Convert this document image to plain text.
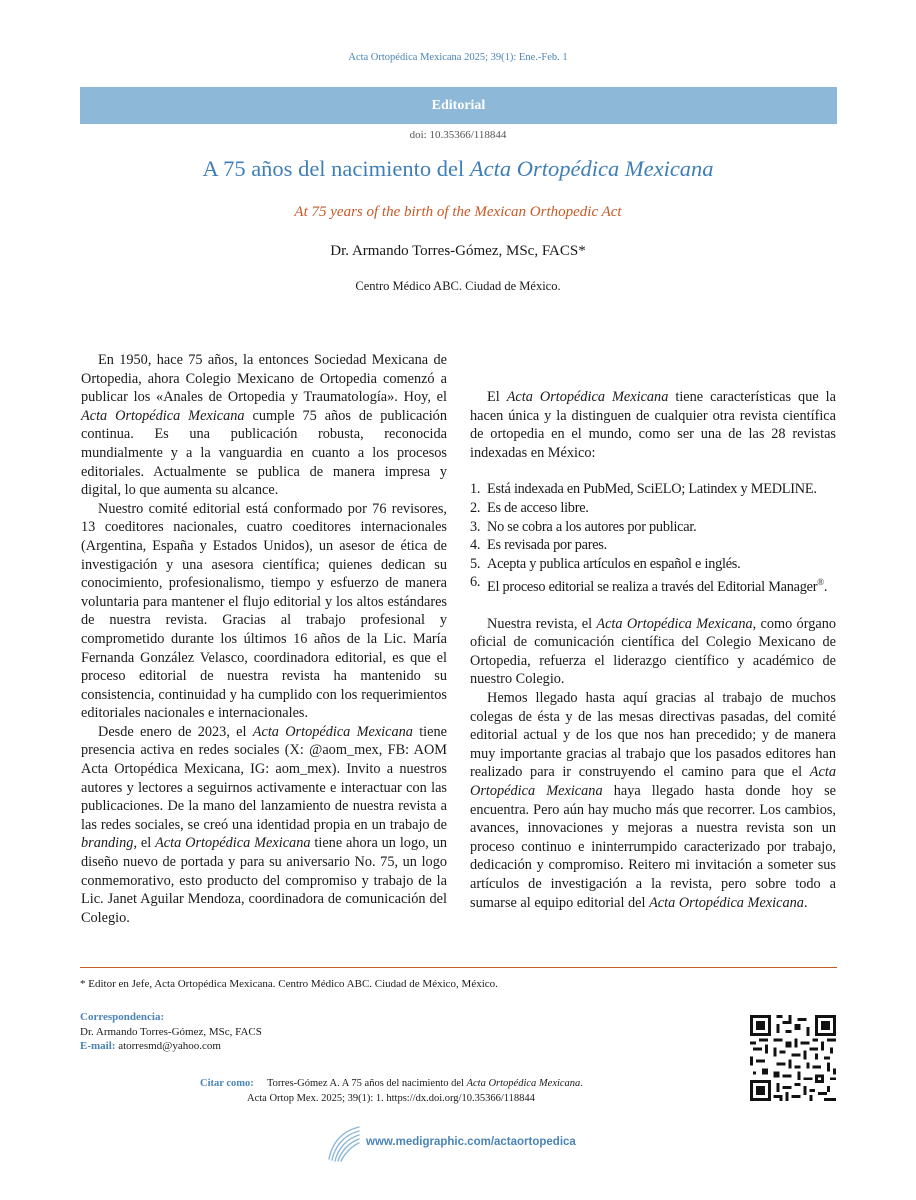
Acta Ortopédica Mexicana 2025; 39(1): Ene.-Feb. 1
Editorial
doi: 10.35366/118844
A 75 años del nacimiento del Acta Ortopédica Mexicana
At 75 years of the birth of the Mexican Orthopedic Act
Dr. Armando Torres-Gómez, MSc, FACS*
Centro Médico ABC. Ciudad de México.

En 1950, hace 75 años, la entonces Sociedad Mexicana de Ortopedia, ahora Colegio Mexicano de Ortopedia comenzó a publicar los «Anales de Ortopedia y Traumatología». Hoy, el Acta Ortopédica Mexicana cumple 75 años de publicación continua. Es una publicación robusta, reconocida mundialmente y a la vanguardia en cuanto a los procesos editoriales. Actualmente se publica de manera impresa y digital, lo que aumenta su alcance.

Nuestro comité editorial está conformado por 76 revisores, 13 coeditores nacionales, cuatro coeditores internacionales (Argentina, España y Estados Unidos), un asesor de ética de investigación y una asesora científica; quienes dedican su conocimiento, profesionalismo, tiempo y esfuerzo de manera voluntaria para mantener el flujo editorial y los altos estándares de nuestra revista. Gracias al trabajo profesional y comprometido durante los últimos 16 años de la Lic. María Fernanda González Velasco, coordinadora editorial, es que el proceso editorial de nuestra revista ha mantenido su consistencia, continuidad y ha cumplido con los requerimientos editoriales nacionales e internacionales.

Desde enero de 2023, el Acta Ortopédica Mexicana tiene presencia activa en redes sociales (X: @aom_mex, FB: AOM Acta Ortopédica Mexicana, IG: aom_mex). Invito a nuestros autores y lectores a seguirnos activamente e interactuar con las publicaciones. De la mano del lanzamiento de nuestra revista a las redes sociales, se creó una identidad propia en un trabajo de branding, el Acta Ortopédica Mexicana tiene ahora un logo, un diseño nuevo de portada y para su aniversario No. 75, un logo conmemorativo, esto producto del compromiso y trabajo de la Lic. Janet Aguilar Mendoza, coordinadora de comunicación del Colegio.

El Acta Ortopédica Mexicana tiene características que la hacen única y la distinguen de cualquier otra revista científica de ortopedia en el mundo, como ser una de las 28 revistas indexadas en México:

1. Está indexada en PubMed, SciELO; Latindex y MEDLINE.
2. Es de acceso libre.
3. No se cobra a los autores por publicar.
4. Es revisada por pares.
5. Acepta y publica artículos en español e inglés.
6. El proceso editorial se realiza a través del Editorial Manager®.

Nuestra revista, el Acta Ortopédica Mexicana, como órgano oficial de comunicación científica del Colegio Mexicano de Ortopedia, refuerza el liderazgo científico y académico de nuestro Colegio.

Hemos llegado hasta aquí gracias al trabajo de muchos colegas de ésta y de las mesas directivas pasadas, del comité editorial actual y de los que nos han precedido; y de manera muy importante gracias al trabajo que los pasados editores han realizado para ir construyendo el camino para que el Acta Ortopédica Mexicana haya llegado hasta donde hoy se encuentra. Pero aún hay mucho más que recorrer. Los cambios, avances, innovaciones y mejoras a nuestra revista son un proceso continuo e ininterrumpido caracterizado por trabajo, dedicación y compromiso. Reitero mi invitación a someter sus artículos de investigación a la revista, pero sobre todo a sumarse al equipo editorial del Acta Ortopédica Mexicana.

* Editor en Jefe, Acta Ortopédica Mexicana. Centro Médico ABC. Ciudad de México, México.
Correspondencia:
Dr. Armando Torres-Gómez, MSc, FACS
E-mail: atorresmd@yahoo.com
Citar como: Torres-Gómez A. A 75 años del nacimiento del Acta Ortopédica Mexicana.
Acta Ortop Mex. 2025; 39(1): 1. https://dx.doi.org/10.35366/118844
www.medigraphic.com/actaortopedica
